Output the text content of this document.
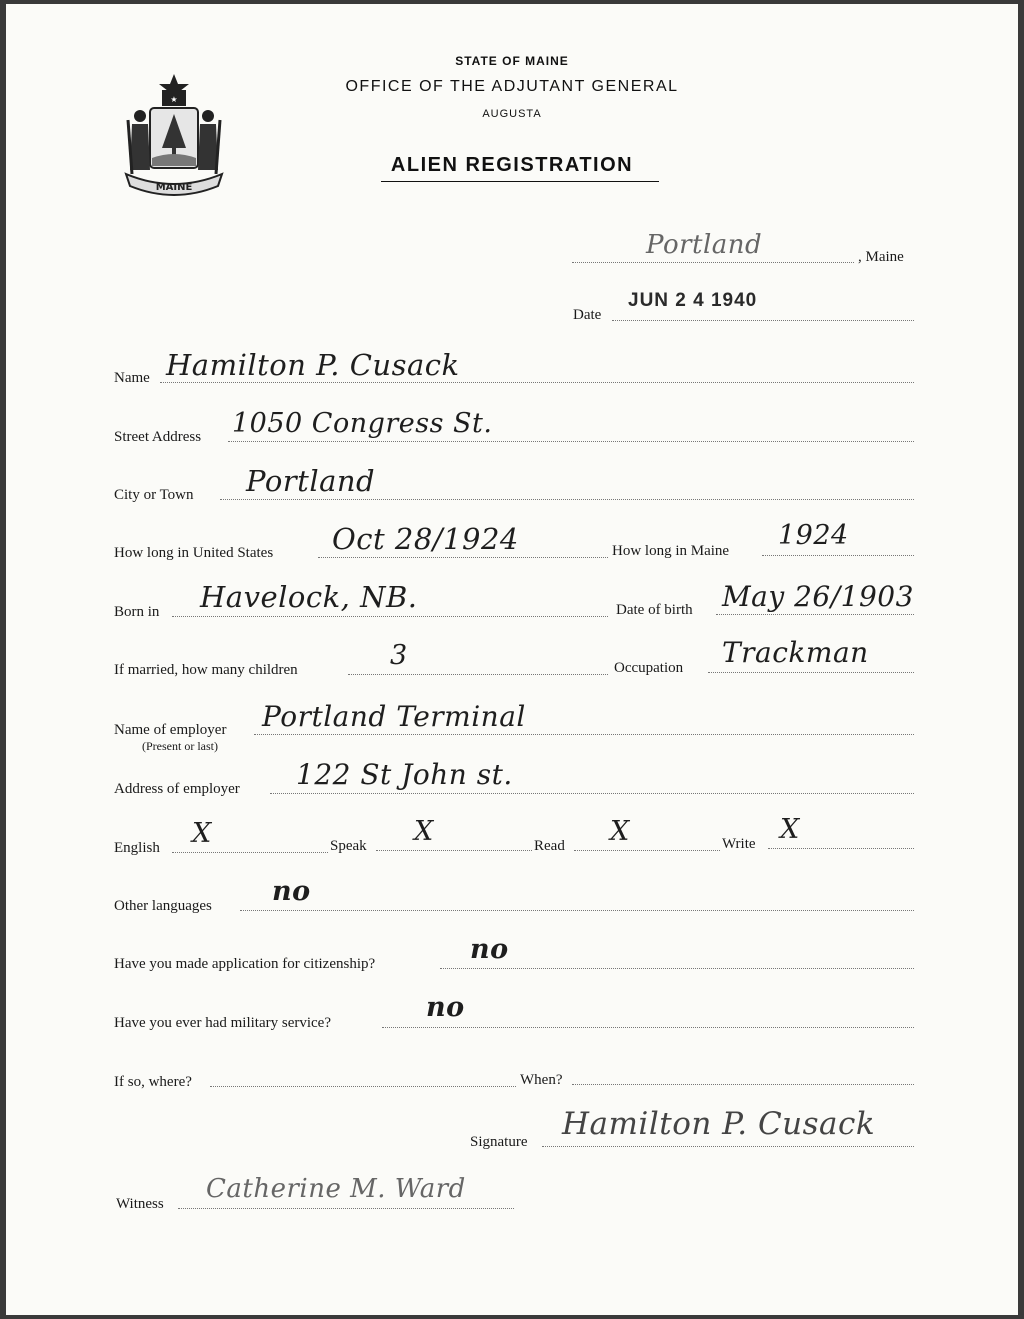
★
MAINE
STATE OF MAINE
OFFICE OF THE ADJUTANT GENERAL
AUGUSTA
ALIEN REGISTRATION
Portland	, Maine
Date
JUN 2 4 1940
Name Hamilton P. Cusack
Street Address 1050 Congress St.
City or Town Portland
How long in United States Oct 28/1924	How long in Maine 1924
Born in Havelock, NB.	Date of birth May 26/1903
If married, how many children	3	Occupation Trackman
Name of employer
(Present or last)
Portland Terminal
Address of employer 122 St John st.
English X	Speak X	Read X	Write X
Other languages no
Have you made application for citizenship?	no
Have you ever had military service?	no
If so, where?	When?
Signature Hamilton P. Cusack
Witness Catherine M. Ward
